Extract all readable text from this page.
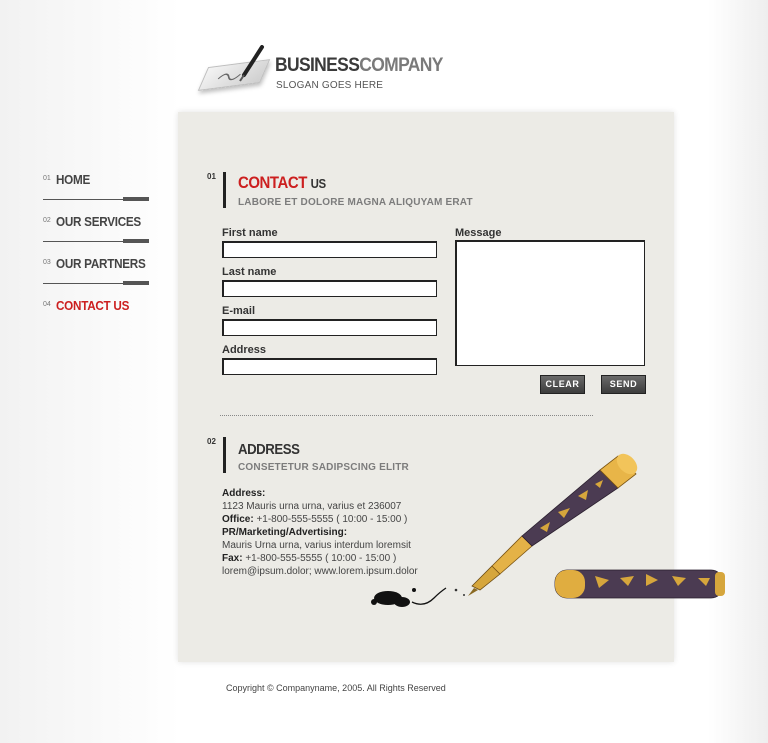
BUSINESSCOMPANY
SLOGAN GOES HERE
01 HOME
02 OUR SERVICES
03 OUR PARTNERS
04 CONTACT US
01 CONTACT US
LABORE ET DOLORE MAGNA ALIQUYAM ERAT
First name
Last name
E-mail
Address
Message
CLEAR	SEND
02 ADDRESS
CONSETETUR SADIPSCING ELITR
Address:
1123 Mauris urna urna, varius et 236007
Office: +1-800-555-5555 ( 10:00 - 15:00 )
PR/Marketing/Advertising:
Mauris Urna urna, varius interdum loremsit
Fax: +1-800-555-5555 ( 10:00 - 15:00 )
lorem@ipsum.dolor; www.lorem.ipsum.dolor
Copyright © Companyname, 2005. All Rights Reserved
